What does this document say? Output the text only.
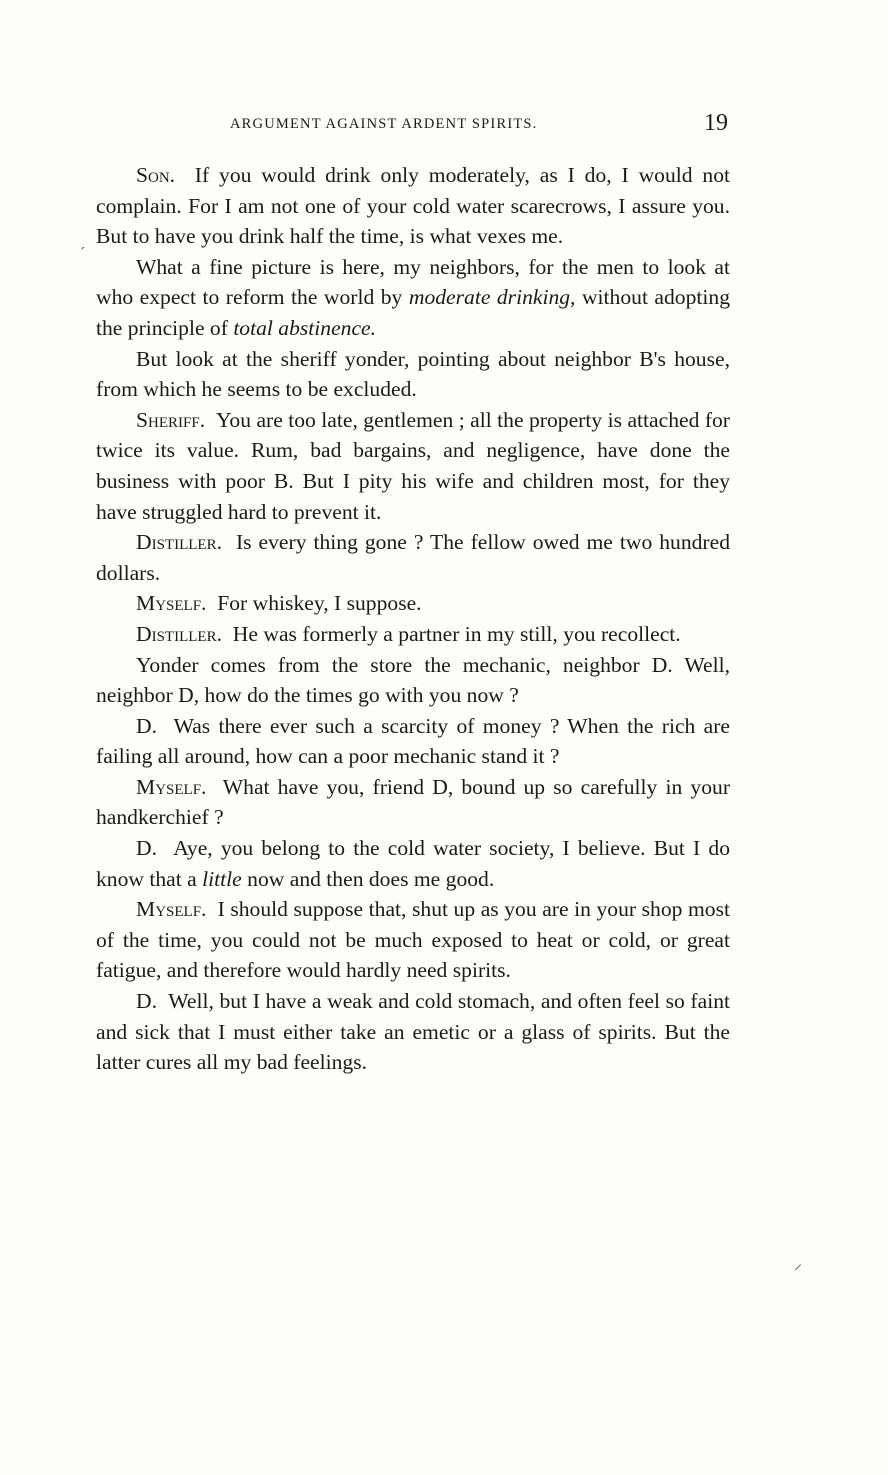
ARGUMENT AGAINST ARDENT SPIRITS.	19

Son. If you would drink only moderately, as I do, I would not complain. For I am not one of your cold water scarecrows, I assure you. But to have you drink half the time, is what vexes me.

What a fine picture is here, my neighbors, for the men to look at who expect to reform the world by moderate drinking, without adopting the principle of total abstinence.

But look at the sheriff yonder, pointing about neighbor B's house, from which he seems to be excluded.

Sheriff. You are too late, gentlemen ; all the property is attached for twice its value. Rum, bad bargains, and negligence, have done the business with poor B. But I pity his wife and children most, for they have struggled hard to prevent it.

Distiller. Is every thing gone ? The fellow owed me two hundred dollars.

Myself. For whiskey, I suppose.

Distiller. He was formerly a partner in my still, you recollect.

Yonder comes from the store the mechanic, neighbor D. Well, neighbor D, how do the times go with you now ?

D. Was there ever such a scarcity of money ? When the rich are failing all around, how can a poor mechanic stand it ?

Myself. What have you, friend D, bound up so carefully in your handkerchief ?

D. Aye, you belong to the cold water society, I believe. But I do know that a little now and then does me good.

Myself. I should suppose that, shut up as you are in your shop most of the time, you could not be much exposed to heat or cold, or great fatigue, and therefore would hardly need spirits.

D. Well, but I have a weak and cold stomach, and often feel so faint and sick that I must either take an emetic or a glass of spirits. But the latter cures all my bad feelings.

ˊ
⸝
